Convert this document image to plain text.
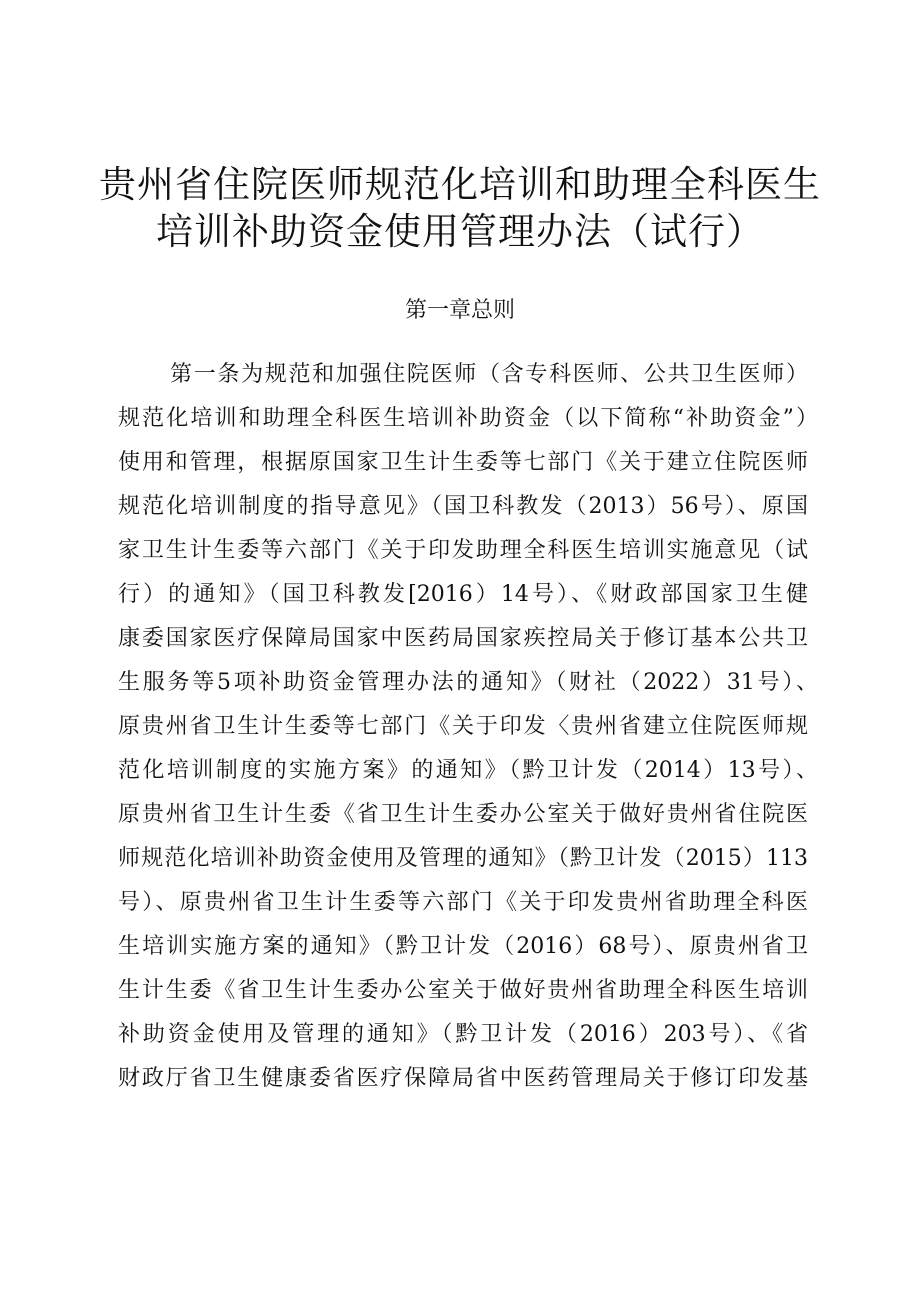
贵州省住院医师规范化培训和助理全科医生
培训补助资金使用管理办法（试行）
第一章总则
第一条为规范和加强住院医师（含专科医师、公共卫生医师）
规范化培训和助理全科医生培训补助资金（以下简称“补助资金”）
使用和管理，根据原国家卫生计生委等七部门《关于建立住院医师
规范化培训制度的指导意见》（国卫科教发（2013）56号）、原国
家卫生计生委等六部门《关于印发助理全科医生培训实施意见（试
行）的通知》（国卫科教发[2016）14号）、《财政部国家卫生健
康委国家医疗保障局国家中医药局国家疾控局关于修订基本公共卫
生服务等5项补助资金管理办法的通知》（财社（2022）31号）、
原贵州省卫生计生委等七部门《关于印发〈贵州省建立住院医师规
范化培训制度的实施方案》的通知》（黔卫计发（2014）13号）、
原贵州省卫生计生委《省卫生计生委办公室关于做好贵州省住院医
师规范化培训补助资金使用及管理的通知》（黔卫计发（2015）113
号）、原贵州省卫生计生委等六部门《关于印发贵州省助理全科医
生培训实施方案的通知》（黔卫计发（2016）68号）、原贵州省卫
生计生委《省卫生计生委办公室关于做好贵州省助理全科医生培训
补助资金使用及管理的通知》（黔卫计发（2016）203号）、《省
财政厅省卫生健康委省医疗保障局省中医药管理局关于修订印发基
